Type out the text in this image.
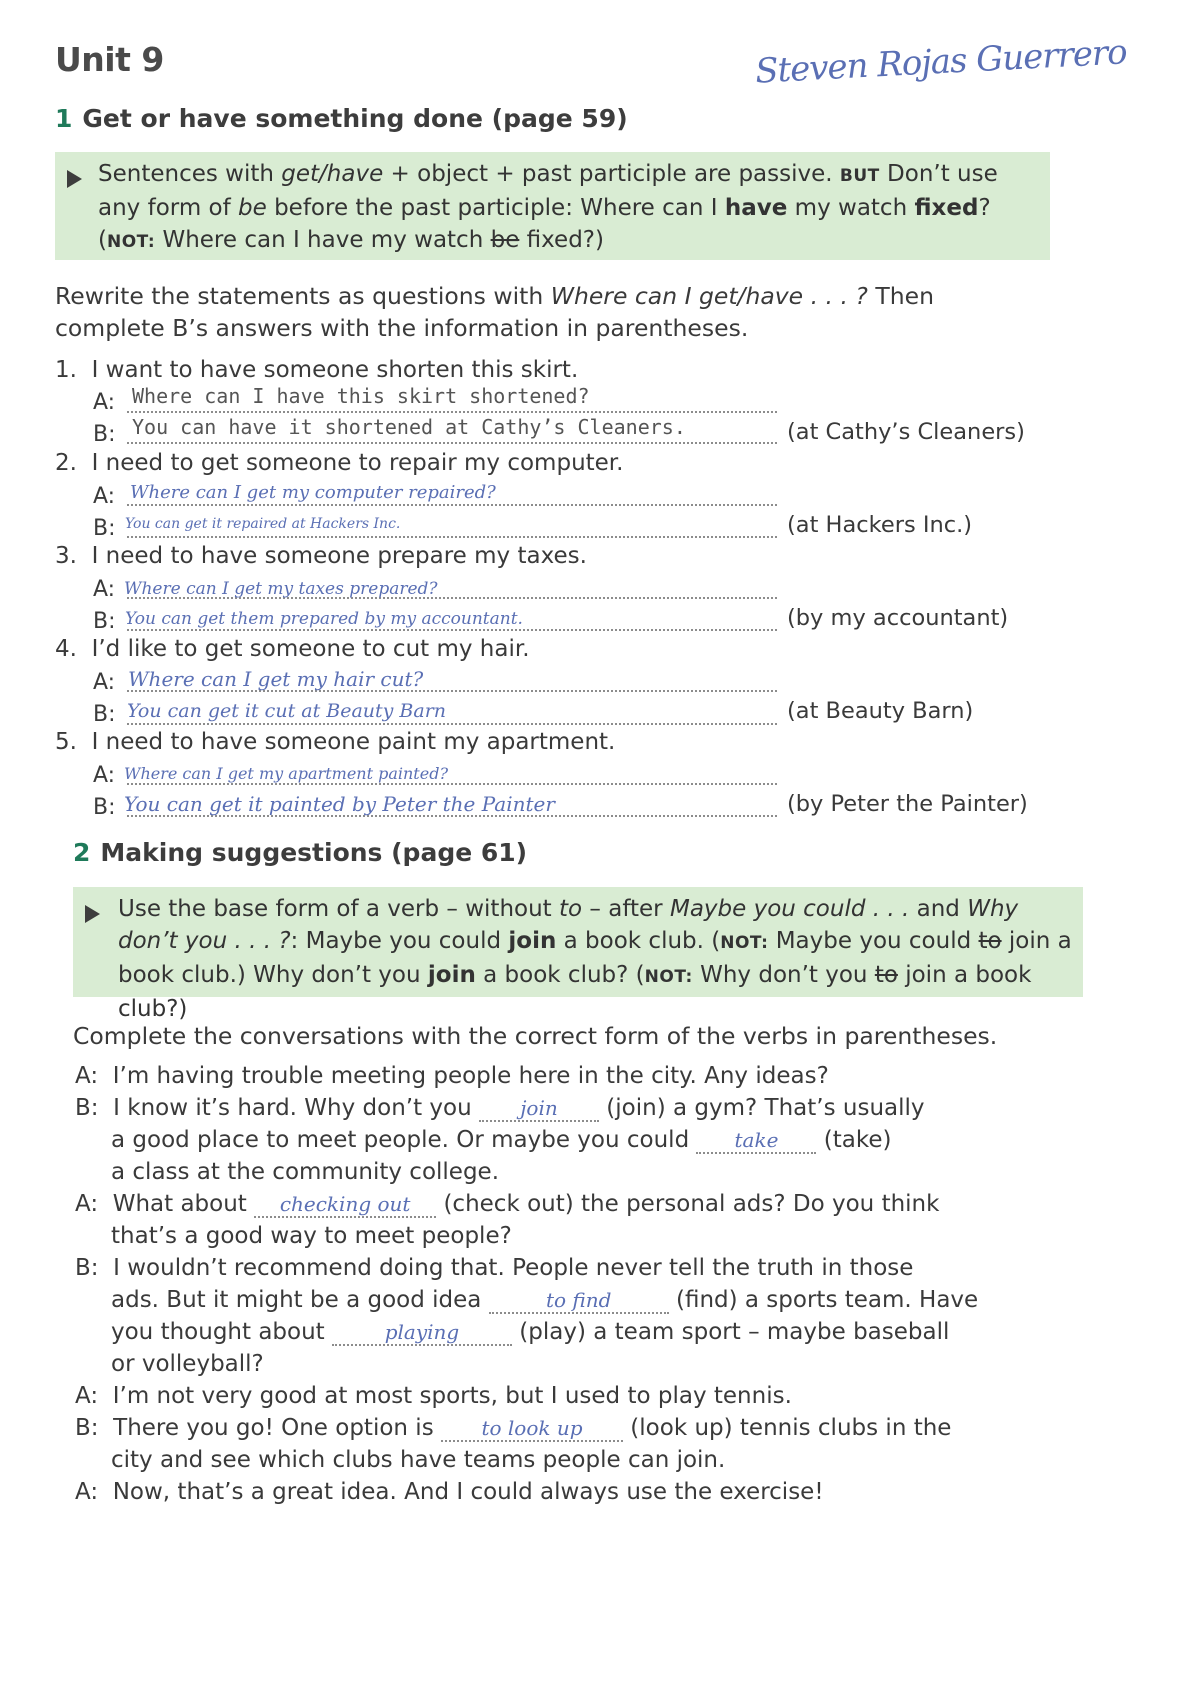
Unit 9	Steven Rojas Guerrero
1 Get or have something done (page 59)
Sentences with get/have + object + past participle are passive. BUT Don’t use any form of be before the past participle: Where can I have my watch fixed? (NOT: Where can I have my watch be fixed?)
Rewrite the statements as questions with Where can I get/have . . . ? Then complete B’s answers with the information in parentheses.
1. I want to have someone shorten this skirt.
A: Where can I have this skirt shortened?
B: You can have it shortened at Cathy’s Cleaners.	(at Cathy’s Cleaners)
2. I need to get someone to repair my computer.
A: Where can I get my computer repaired?
B: You can get it repaired at Hackers Inc.	(at Hackers Inc.)
3. I need to have someone prepare my taxes.
A: Where can I get my taxes prepared?
B: You can get them prepared by my accountant.	(by my accountant)
4. I’d like to get someone to cut my hair.
A: Where can I get my hair cut?
B: You can get it cut at Beauty Barn	(at Beauty Barn)
5. I need to have someone paint my apartment.
A: Where can I get my apartment painted?
B: You can get it painted by Peter the Painter	(by Peter the Painter)
2 Making suggestions (page 61)
Use the base form of a verb – without to – after Maybe you could . . . and Why don’t you . . . ?: Maybe you could join a book club. (NOT: Maybe you could to join a book club.) Why don’t you join a book club? (NOT: Why don’t you to join a book club?)
Complete the conversations with the correct form of the verbs in parentheses.
A: I’m having trouble meeting people here in the city. Any ideas?
B: I know it’s hard. Why don’t you join (join) a gym? That’s usually
a good place to meet people. Or maybe you could take (take)
a class at the community college.
A: What about checking out (check out) the personal ads? Do you think
that’s a good way to meet people?
B: I wouldn’t recommend doing that. People never tell the truth in those
ads. But it might be a good idea	to find (find) a sports team. Have
you thought about	playing (play) a team sport – maybe baseball
or volleyball?
A: I’m not very good at most sports, but I used to play tennis.
B: There you go! One option is to look up (look up) tennis clubs in the
city and see which clubs have teams people can join.
A: Now, that’s a great idea. And I could always use the exercise!
